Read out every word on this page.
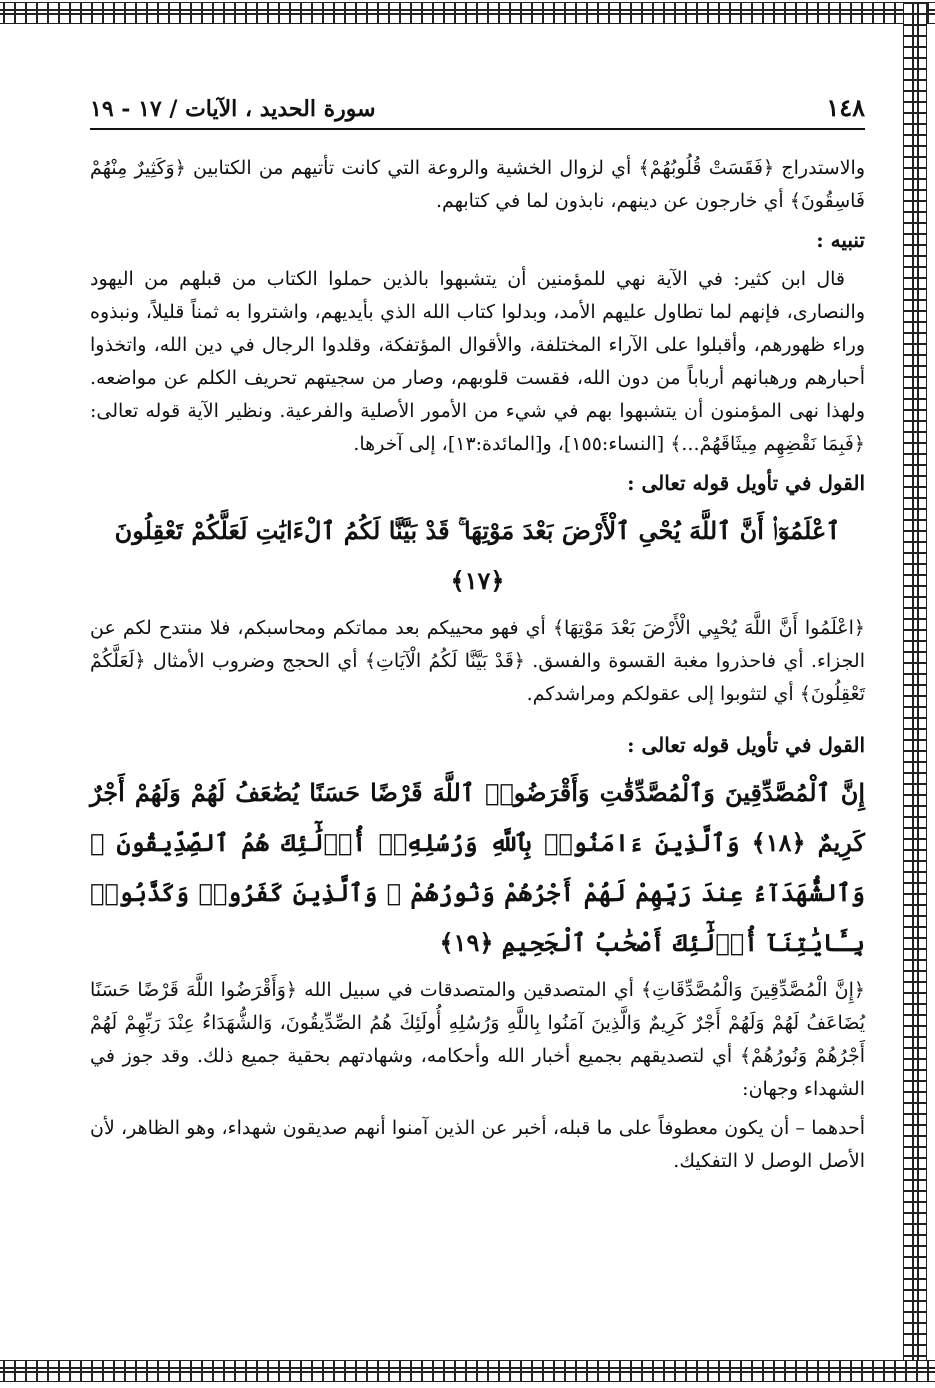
١٤٨
سورة الحديد ، الآيات / ١٧ - ١٩

والاستدراج ﴿فَقَسَتْ قُلُوبُهُمْ﴾ أي لزوال الخشية والروعة التي كانت تأتيهم من الكتابين ﴿وَكَثِيرٌ مِنْهُمْ فَاسِقُونَ﴾ أي خارجون عن دينهم، نابذون لما في كتابهم.

تنبيه :

قال ابن كثير: في الآية نهي للمؤمنين أن يتشبهوا بالذين حملوا الكتاب من قبلهم من اليهود والنصارى، فإنهم لما تطاول عليهم الأمد، وبدلوا كتاب الله الذي بأيديهم، واشتروا به ثمناً قليلاً، ونبذوه وراء ظهورهم، وأقبلوا على الآراء المختلفة، والأقوال المؤتفكة، وقلدوا الرجال في دين الله، واتخذوا أحبارهم ورهبانهم أرباباً من دون الله، فقست قلوبهم، وصار من سجيتهم تحريف الكلم عن مواضعه. ولهذا نهى المؤمنون أن يتشبهوا بهم في شيء من الأمور الأصلية والفرعية. ونظير الآية قوله تعالى: ﴿فَبِمَا نَقْضِهِم مِيثَاقَهُمْ...﴾ [النساء:١٥٥]، و[المائدة:١٣]، إلى آخرها.

القول في تأويل قوله تعالى :

ٱعْلَمُوٓا۟ أَنَّ ٱللَّهَ يُحْىِ ٱلْأَرْضَ بَعْدَ مَوْتِهَا ۚ قَدْ بَيَّنَّا لَكُمُ ٱلْءَايَٰتِ لَعَلَّكُمْ تَعْقِلُونَ ﴿١٧﴾

﴿اعْلَمُوا أَنَّ اللَّهَ يُحْيِي الْأَرْضَ بَعْدَ مَوْتِهَا﴾ أي فهو محييكم بعد مماتكم ومحاسبكم، فلا منتدح لكم عن الجزاء. أي فاحذروا مغبة القسوة والفسق. ﴿قَدْ بَيَّنَّا لَكُمُ الْآيَاتِ﴾ أي الحجج وضروب الأمثال ﴿لَعَلَّكُمْ تَعْقِلُونَ﴾ أي لتثوبوا إلى عقولكم ومراشدكم.

القول في تأويل قوله تعالى :

إِنَّ ٱلْمُصَّدِّقِينَ وَٱلْمُصَّدِّقَٰتِ وَأَقْرَضُوا۟ ٱللَّهَ قَرْضًا حَسَنًا يُضَٰعَفُ لَهُمْ وَلَهُمْ أَجْرٌ كَرِيمٌ ﴿١٨﴾ وَٱلَّذِينَ ءَامَنُوا۟ بِٱللَّهِ وَرُسُلِهِۦٓ أُو۟لَٰٓئِكَ هُمُ ٱلصِّدِّيقُونَ ۖ وَٱلشُّهَدَآءُ عِندَ رَبِّهِمْ لَهُمْ أَجْرُهُمْ وَنُورُهُمْ ۖ وَٱلَّذِينَ كَفَرُوا۟ وَكَذَّبُوا۟ بِـَٔايَٰتِنَآ أُو۟لَٰٓئِكَ أَصْحَٰبُ ٱلْجَحِيمِ ﴿١٩﴾

﴿إِنَّ الْمُصَّدِّقِينَ وَالْمُصَّدِّقَاتِ﴾ أي المتصدقين والمتصدقات في سبيل الله ﴿وَأَقْرَضُوا اللَّهَ قَرْضًا حَسَنًا يُضَاعَفُ لَهُمْ وَلَهُمْ أَجْرٌ كَرِيمٌ وَالَّذِينَ آمَنُوا بِاللَّهِ وَرُسُلِهِ أُولَئِكَ هُمُ الصِّدِّيقُونَ، وَالشُّهَدَاءُ عِنْدَ رَبِّهِمْ لَهُمْ أَجْرُهُمْ وَنُورُهُمْ﴾ أي لتصديقهم بجميع أخبار الله وأحكامه، وشهادتهم بحقية جميع ذلك. وقد جوز في الشهداء وجهان:

أحدهما – أن يكون معطوفاً على ما قبله، أخبر عن الذين آمنوا أنهم صديقون شهداء، وهو الظاهر، لأن الأصل الوصل لا التفكيك.
